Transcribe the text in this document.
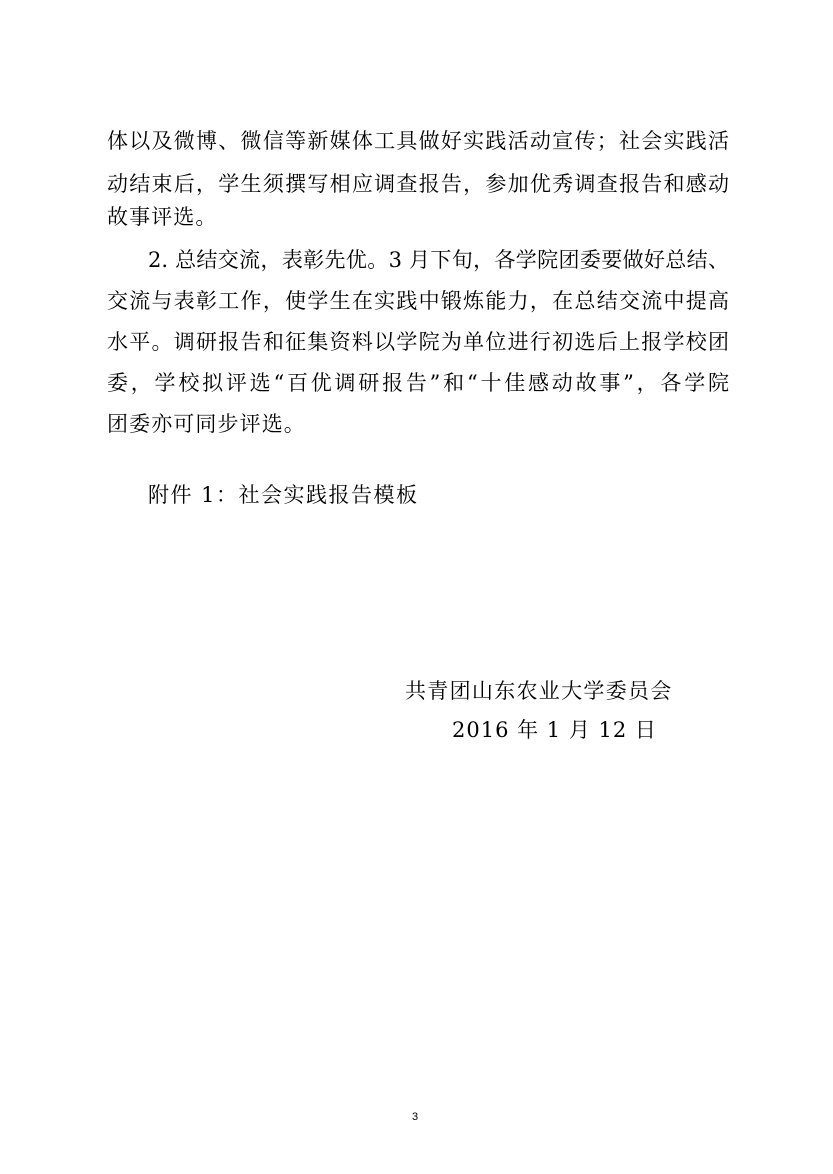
体以及微博、微信等新媒体工具做好实践活动宣传；社会实践活
动结束后，学生须撰写相应调查报告，参加优秀调查报告和感动
故事评选。
2. 总结交流，表彰先优。3 月下旬，各学院团委要做好总结、
交流与表彰工作，使学生在实践中锻炼能力，在总结交流中提高
水平。调研报告和征集资料以学院为单位进行初选后上报学校团
委，学校拟评选“百优调研报告”和“十佳感动故事”，各学院
团委亦可同步评选。
附件 1：社会实践报告模板
共青团山东农业大学委员会
2016 年 1 月 12 日
3
